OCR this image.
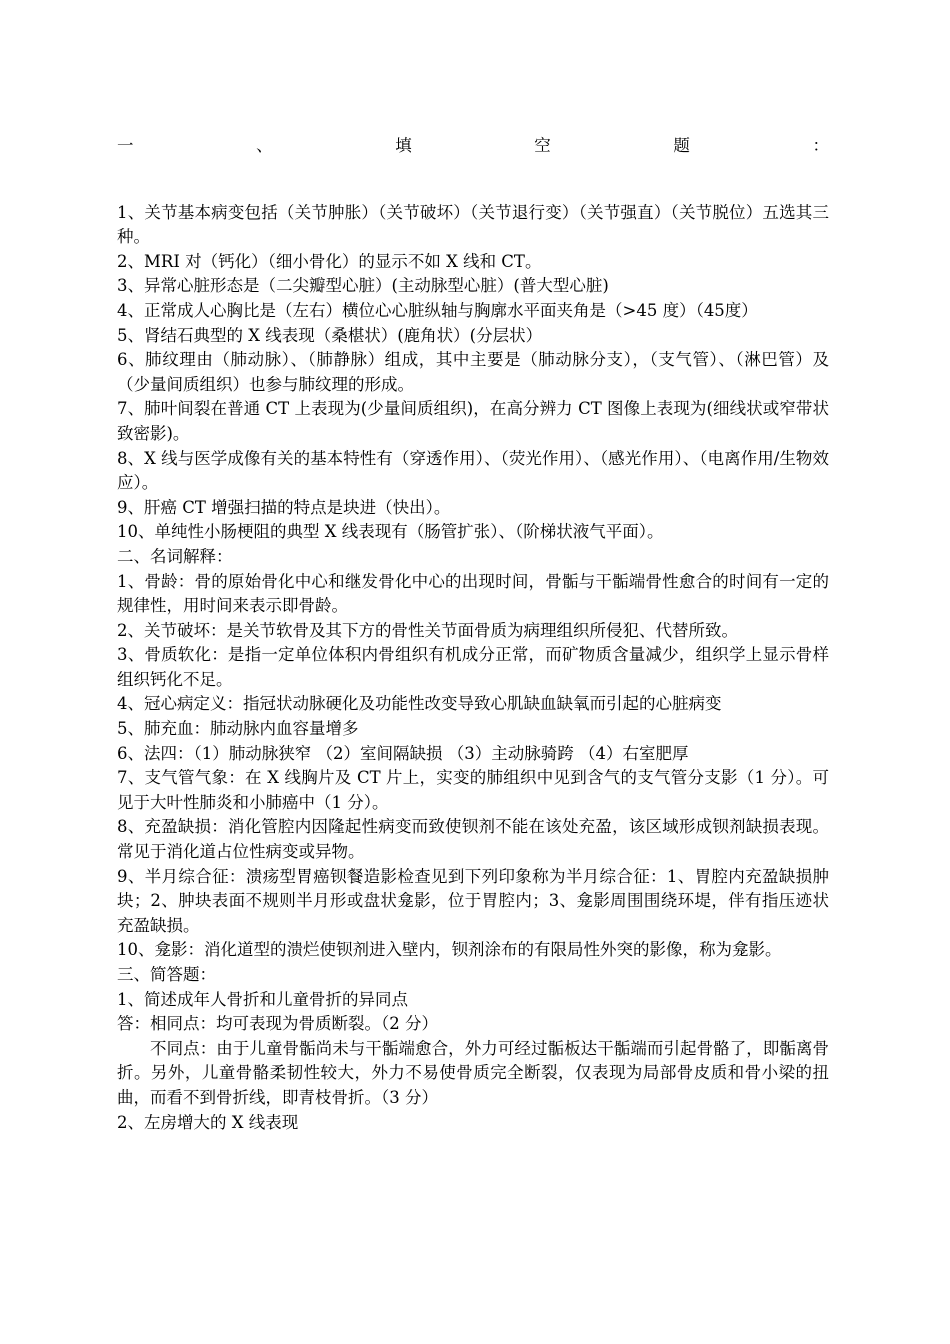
一	、	填	空	题	：

1、关节基本病变包括（关节肿胀）（关节破坏）（关节退行变）（关节强直）（关节脱位）五选其三种。

2、MRI 对（钙化）（细小骨化）的显示不如 X 线和 CT。

3、异常心脏形态是（二尖瓣型心脏）(主动脉型心脏）(普大型心脏)

4、正常成人心胸比是（左右）横位心心脏纵轴与胸廓水平面夹角是（>45 度）（45度）

5、肾结石典型的 X 线表现（桑椹状）(鹿角状）(分层状）

6、肺纹理由（肺动脉）、（肺静脉）组成，其中主要是（肺动脉分支），（支气管）、（淋巴管）及（少量间质组织）也参与肺纹理的形成。

7、肺叶间裂在普通 CT 上表现为(少量间质组织)，在高分辨力 CT 图像上表现为(细线状或窄带状致密影)。

8、X 线与医学成像有关的基本特性有（穿透作用）、（荧光作用）、（感光作用）、（电离作用/生物效应）。

9、肝癌 CT 增强扫描的特点是块进（快出）。

10、单纯性小肠梗阻的典型 X 线表现有（肠管扩张）、（阶梯状液气平面）。

二、名词解释：

1、骨龄：骨的原始骨化中心和继发骨化中心的出现时间，骨骺与干骺端骨性愈合的时间有一定的规律性，用时间来表示即骨龄。

2、关节破坏：是关节软骨及其下方的骨性关节面骨质为病理组织所侵犯、代替所致。

3、骨质软化：是指一定单位体积内骨组织有机成分正常，而矿物质含量减少，组织学上显示骨样组织钙化不足。

4、冠心病定义：指冠状动脉硬化及功能性改变导致心肌缺血缺氧而引起的心脏病变

5、肺充血：肺动脉内血容量增多

6、法四：（1）肺动脉狭窄 （2）室间隔缺损 （3）主动脉骑跨 （4）右室肥厚

7、支气管气象：在 X 线胸片及 CT 片上，实变的肺组织中见到含气的支气管分支影（1 分）。可见于大叶性肺炎和小肺癌中（1 分）。

8、充盈缺损：消化管腔内因隆起性病变而致使钡剂不能在该处充盈，该区域形成钡剂缺损表现。常见于消化道占位性病变或异物。

9、半月综合征：溃疡型胃癌钡餐造影检查见到下列印象称为半月综合征：1、胃腔内充盈缺损肿块；2、肿块表面不规则半月形或盘状龛影，位于胃腔内；3、龛影周围围绕环堤，伴有指压迹状充盈缺损。

10、龛影：消化道型的溃烂使钡剂进入壁内，钡剂涂布的有限局性外突的影像，称为龛影。

三、简答题：

1、简述成年人骨折和儿童骨折的异同点

答：相同点：均可表现为骨质断裂。（2 分）

不同点：由于儿童骨骺尚未与干骺端愈合，外力可经过骺板达干骺端而引起骨骼了，即骺离骨折。另外，儿童骨骼柔韧性较大，外力不易使骨质完全断裂，仅表现为局部骨皮质和骨小梁的扭曲，而看不到骨折线，即青枝骨折。（3 分）

2、左房增大的 X 线表现
